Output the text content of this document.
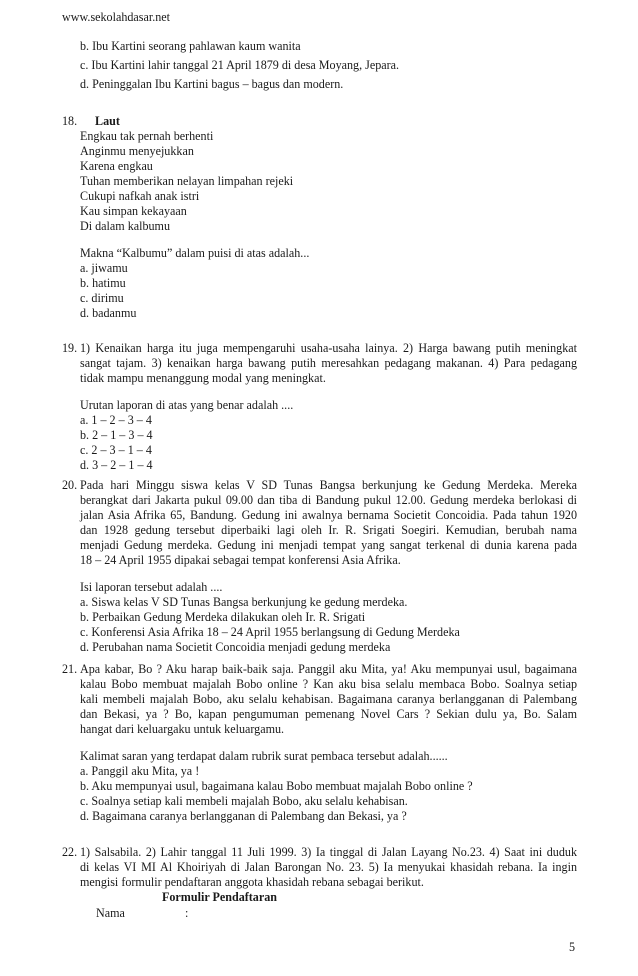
www.sekolahdasar.net
b. Ibu Kartini seorang pahlawan kaum wanita
c. Ibu Kartini lahir tanggal 21 April 1879 di desa Moyang, Jepara.
d. Peninggalan Ibu Kartini bagus – bagus dan modern.
18. Laut
Engkau tak pernah berhenti
Anginmu menyejukkan
Karena engkau
Tuhan memberikan nelayan limpahan rejeki
Cukupi nafkah anak istri
Kau simpan kekayaan
Di dalam kalbumu
Makna “Kalbumu” dalam puisi di atas adalah...
a. jiwamu
b. hatimu
c. dirimu
d. badanmu
19. 1) Kenaikan harga itu juga mempengaruhi usaha-usaha lainya. 2) Harga bawang putih meningkat
sangat tajam. 3) kenaikan harga bawang putih meresahkan pedagang makanan. 4) Para pedagang
tidak mampu menanggung modal yang meningkat.
Urutan laporan di atas yang benar adalah ....
a. 1 – 2 – 3 – 4
b. 2 – 1 – 3 – 4
c. 2 – 3 – 1 – 4
d. 3 – 2 – 1 – 4
20. Pada hari Minggu siswa kelas V SD Tunas Bangsa berkunjung ke Gedung Merdeka. Mereka
berangkat dari Jakarta pukul 09.00 dan tiba di Bandung pukul 12.00. Gedung merdeka berlokasi di
jalan Asia Afrika 65, Bandung. Gedung ini awalnya bernama Societit Concoidia. Pada tahun 1920
dan 1928 gedung tersebut diperbaiki lagi oleh Ir. R. Srigati Soegiri. Kemudian, berubah nama
menjadi Gedung merdeka. Gedung ini menjadi tempat yang sangat terkenal di dunia karena pada
18 – 24 April 1955 dipakai sebagai tempat konferensi Asia Afrika.
Isi laporan tersebut adalah ....
a. Siswa kelas V SD Tunas Bangsa berkunjung ke gedung merdeka.
b. Perbaikan Gedung Merdeka dilakukan oleh Ir. R. Srigati
c. Konferensi Asia Afrika 18 – 24 April 1955 berlangsung di Gedung Merdeka
d. Perubahan nama Societit Concoidia menjadi gedung merdeka
21. Apa kabar, Bo ? Aku harap baik-baik saja. Panggil aku Mita, ya! Aku mempunyai usul, bagaimana
kalau Bobo membuat majalah Bobo online ? Kan aku bisa selalu membaca Bobo. Soalnya setiap
kali membeli majalah Bobo, aku selalu kehabisan. Bagaimana caranya berlangganan di Palembang
dan Bekasi, ya ? Bo, kapan pengumuman pemenang Novel Cars ? Sekian dulu ya, Bo. Salam
hangat dari keluargaku untuk keluargamu.
Kalimat saran yang terdapat dalam rubrik surat pembaca tersebut adalah......
a. Panggil aku Mita, ya !
b. Aku mempunyai usul, bagaimana kalau Bobo membuat majalah Bobo online ?
c. Soalnya setiap kali membeli majalah Bobo, aku selalu kehabisan.
d. Bagaimana caranya berlangganan di Palembang dan Bekasi, ya ?
22. 1) Salsabila. 2) Lahir tanggal 11 Juli 1999. 3) Ia tinggal di Jalan Layang No.23. 4) Saat ini duduk
di kelas VI MI Al Khoiriyah di Jalan Barongan No. 23. 5) Ia menyukai khasidah rebana. Ia ingin
mengisi formulir pendaftaran anggota khasidah rebana sebagai berikut.
Formulir Pendaftaran
Nama	:
5
